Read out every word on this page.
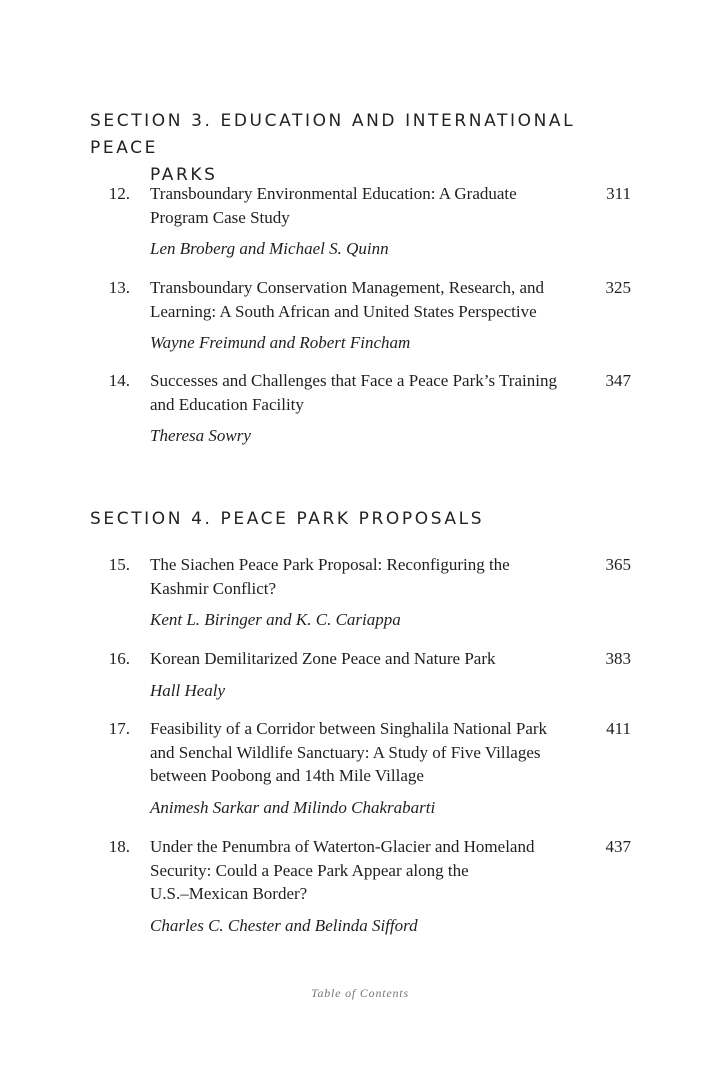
SECTION 3. EDUCATION AND INTERNATIONAL PEACE
PARKS
12. Transboundary Environmental Education: A Graduate
Program Case Study
311
Len Broberg and Michael S. Quinn
13. Transboundary Conservation Management, Research, and
Learning: A South African and United States Perspective
325
Wayne Freimund and Robert Fincham
14. Successes and Challenges that Face a Peace Park’s Training
and Education Facility
347
Theresa Sowry
SECTION 4. PEACE PARK PROPOSALS
15. The Siachen Peace Park Proposal: Reconfiguring the
Kashmir Conflict?
365
Kent L. Biringer and K. C. Cariappa
16. Korean Demilitarized Zone Peace and Nature Park	383
Hall Healy
17. Feasibility of a Corridor between Singhalila National Park
and Senchal Wildlife Sanctuary: A Study of Five Villages
between Poobong and 14th Mile Village
411
Animesh Sarkar and Milindo Chakrabarti
18. Under the Penumbra of Waterton-Glacier and Homeland
Security: Could a Peace Park Appear along the
U.S.–Mexican Border?
437
Charles C. Chester and Belinda Sifford
Table of Contents
